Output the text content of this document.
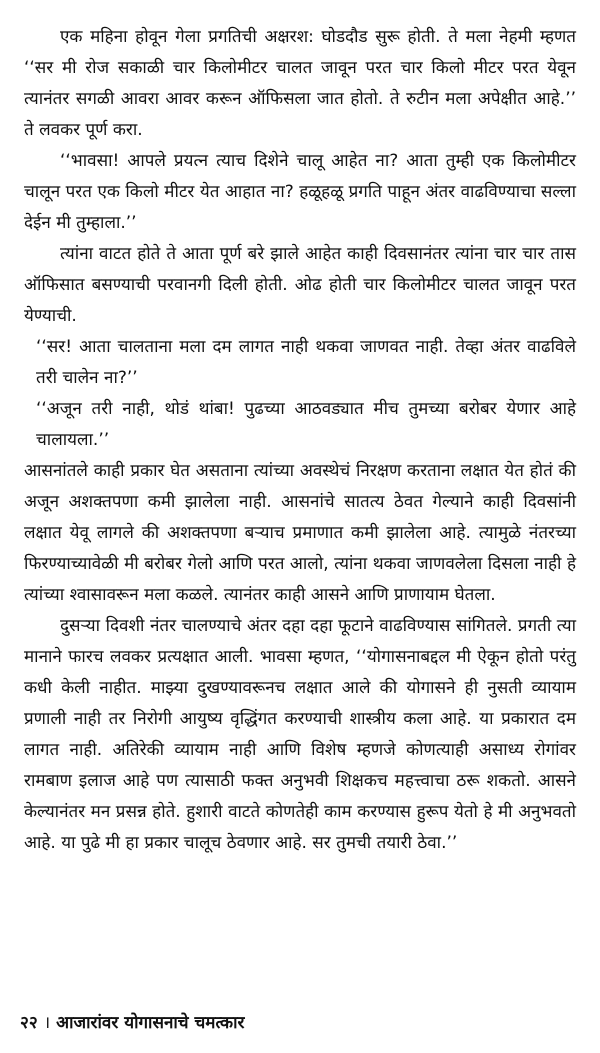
एक महिना होवून गेला प्रगतिची अक्षरश: घोडदौड सुरू होती. ते मला नेहमी म्हणत ‘‘सर मी रोज सकाळी चार किलोमीटर चालत जावून परत चार किलो मीटर परत येवून त्यानंतर सगळी आवरा आवर करून ऑफिसला जात होतो. ते रुटीन मला अपेक्षीत आहे.’’ ते लवकर पूर्ण करा.

‘‘भावसा! आपले प्रयत्न त्याच दिशेने चालू आहेत ना? आता तुम्ही एक किलोमीटर चालून परत एक किलो मीटर येत आहात ना? हळूहळू प्रगति पाहून अंतर वाढविण्याचा सल्ला देईन मी तुम्हाला.’’

त्यांना वाटत होते ते आता पूर्ण बरे झाले आहेत काही दिवसानंतर त्यांना चार चार तास ऑफिसात बसण्याची परवानगी दिली होती. ओढ होती चार किलोमीटर चालत जावून परत येण्याची.

‘‘सर! आता चालताना मला दम लागत नाही थकवा जाणवत नाही. तेव्हा अंतर वाढविले तरी चालेन ना?’’

‘‘अजून तरी नाही, थोडं थांबा! पुढच्या आठवड्यात मीच तुमच्या बरोबर येणार आहे चालायला.’’

आसनांतले काही प्रकार घेत असताना त्यांच्या अवस्थेचं निरक्षण करताना लक्षात येत होतं की अजून अशक्तपणा कमी झालेला नाही. आसनांचे सातत्य ठेवत गेल्याने काही दिवसांनी लक्षात येवू लागले की अशक्तपणा बऱ्याच प्रमाणात कमी झालेला आहे. त्यामुळे नंतरच्या फिरण्याच्यावेळी मी बरोबर गेलो आणि परत आलो, त्यांना थकवा जाणवलेला दिसला नाही हे त्यांच्या श्वासावरून मला कळले. त्यानंतर काही आसने आणि प्राणायाम घेतला.

दुसऱ्या दिवशी नंतर चालण्याचे अंतर दहा दहा फूटाने वाढविण्यास सांगितले. प्रगती त्या मानाने फारच लवकर प्रत्यक्षात आली. भावसा म्हणत, ‘‘योगासनाबद्दल मी ऐकून होतो परंतु कधी केली नाहीत. माझ्या दुखण्यावरूनच लक्षात आले की योगासने ही नुसती व्यायाम प्रणाली नाही तर निरोगी आयुष्य वृद्धिंगत करण्याची शास्त्रीय कला आहे. या प्रकारात दम लागत नाही. अतिरेकी व्यायाम नाही आणि विशेष म्हणजे कोणत्याही असाध्य रोगांवर रामबाण इलाज आहे पण त्यासाठी फक्त अनुभवी शिक्षकच महत्त्वाचा ठरू शकतो. आसने केल्यानंतर मन प्रसन्न होते. हुशारी वाटते कोणतेही काम करण्यास हुरूप येतो हे मी अनुभवतो आहे. या पुढे मी हा प्रकार चालूच ठेवणार आहे. सर तुमची तयारी ठेवा.’’

२२ । आजारांवर योगासनाचे चमत्कार
